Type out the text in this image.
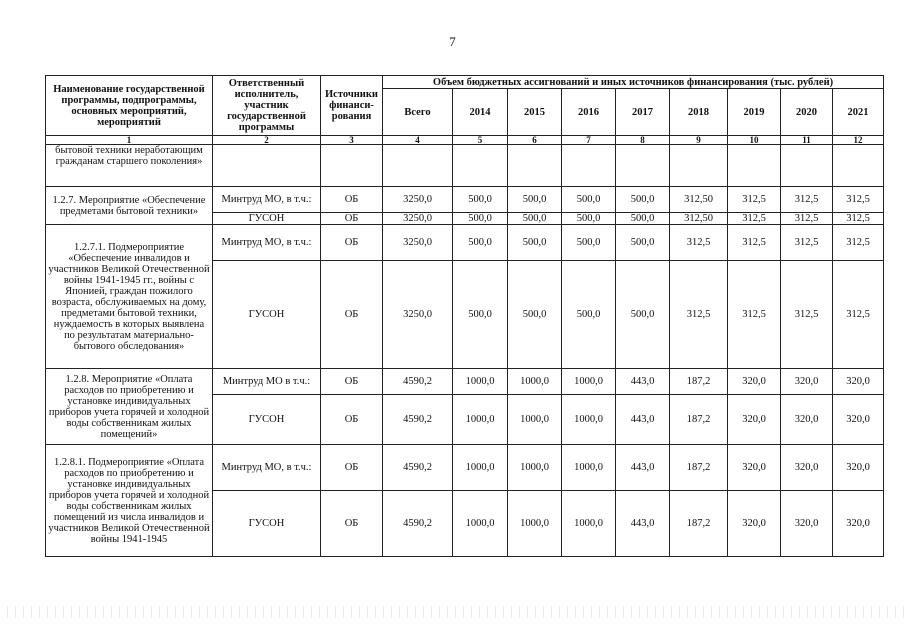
7
Наименование государственной программы, подпрограммы, основных мероприятий, мероприятий	Ответственный исполнитель, участник государственной программы	Источники финанси-рования	Объем бюджетных ассигнований и иных источников финансирования (тыс. рублей)								
			Всего	2014	2015	2016	2017	2018	2019	2020	2021
1	2	3	4	5	6	7	8	9	10	11	12
бытовой техники неработающим гражданам старшего поколения»											
1.2.7. Мероприятие «Обеспечение предметами бытовой техники»	Минтруд МО, в т.ч.:	ОБ	3250,0	500,0	500,0	500,0	500,0	312,50	312,5	312,5	312,5
	ГУСОН	ОБ	3250,0	500,0	500,0	500,0	500,0	312,50	312,5	312,5	312,5
1.2.7.1. Подмероприятие «Обеспечение инвалидов и участников Великой Отечественной войны 1941-1945 гг., войны с Японией, граждан пожилого возраста, обслуживаемых на дому, предметами бытовой техники, нуждаемость в которых выявлена по результатам материально-бытового обследования»	Минтруд МО, в т.ч.:	ОБ	3250,0	500,0	500,0	500,0	500,0	312,5	312,5	312,5	312,5
	ГУСОН	ОБ	3250,0	500,0	500,0	500,0	500,0	312,5	312,5	312,5	312,5
1.2.8. Мероприятие «Оплата расходов по приобретению и установке индивидуальных приборов учета горячей и холодной воды собственникам жилых помещений»	Минтруд МО в т.ч.:	ОБ	4590,2	1000,0	1000,0	1000,0	443,0	187,2	320,0	320,0	320,0
	ГУСОН	ОБ	4590,2	1000,0	1000,0	1000,0	443,0	187,2	320,0	320,0	320,0
1.2.8.1. Подмероприятие «Оплата расходов по приобретению и установке индивидуальных приборов учета горячей и холодной воды собственникам жилых помещений из числа инвалидов и участников Великой Отечественной войны 1941-1945	Минтруд МО, в т.ч.:	ОБ	4590,2	1000,0	1000,0	1000,0	443,0	187,2	320,0	320,0	320,0
	ГУСОН	ОБ	4590,2	1000,0	1000,0	1000,0	443,0	187,2	320,0	320,0	320,0
